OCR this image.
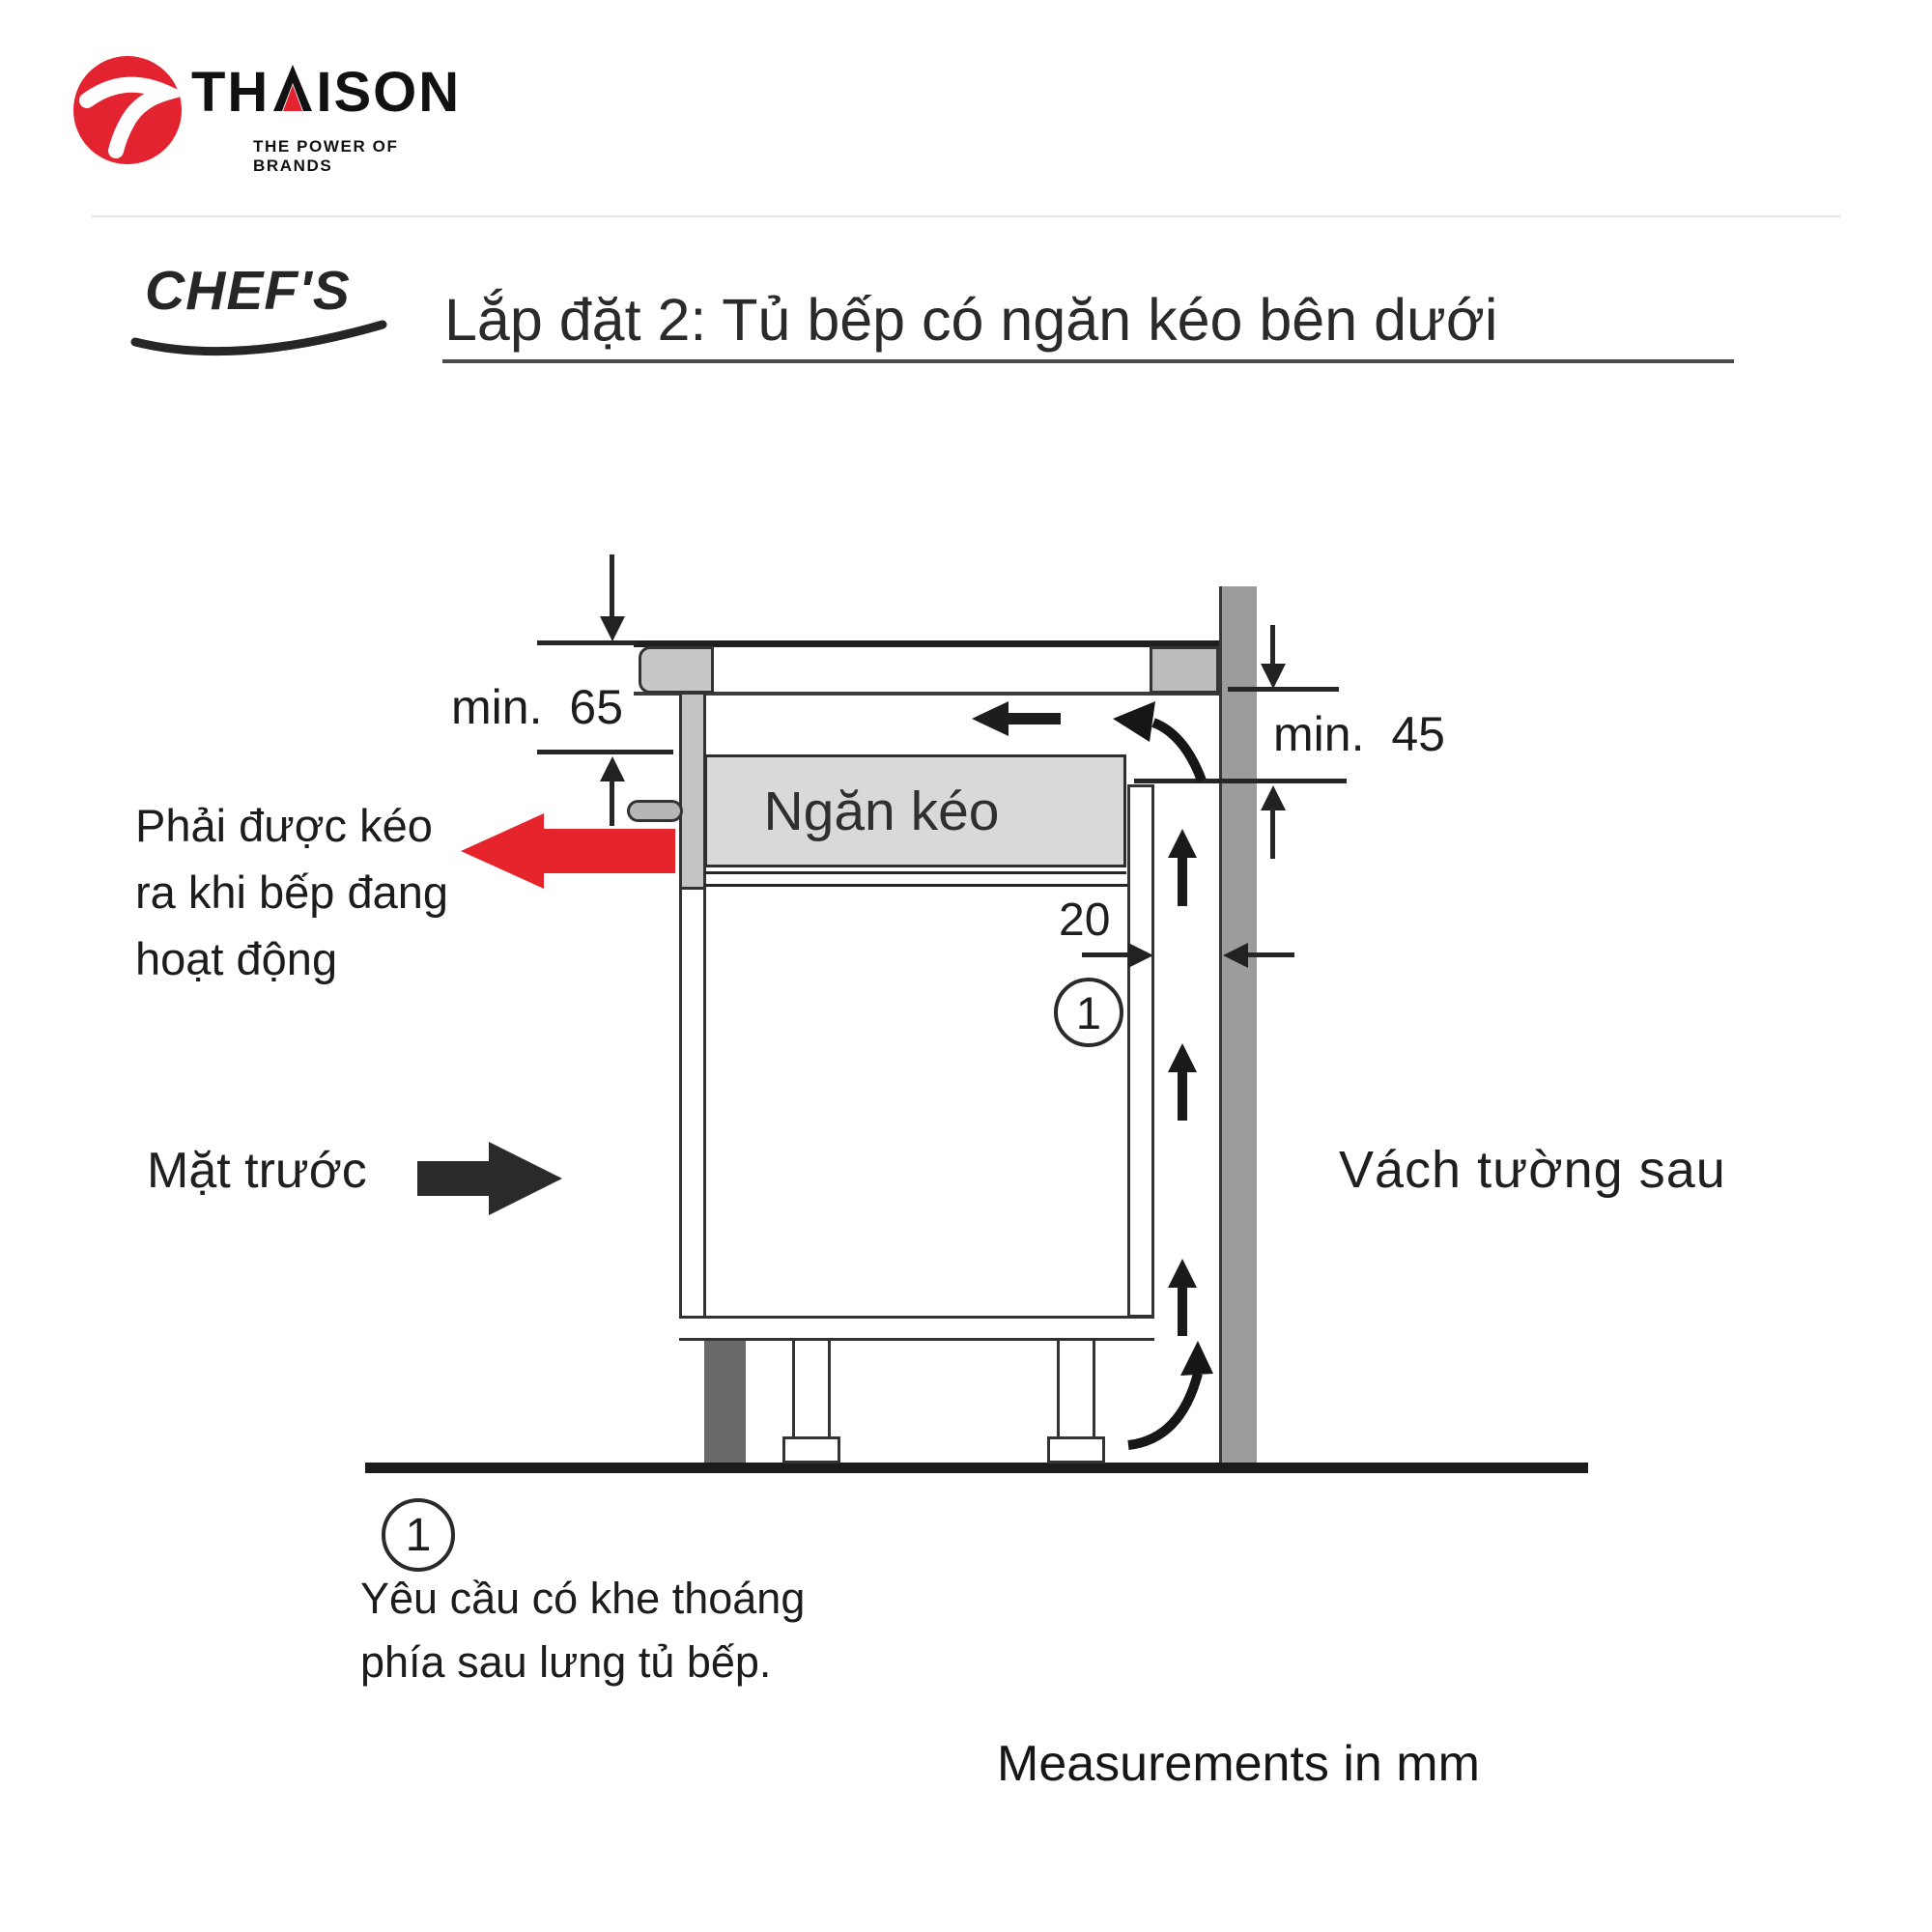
TH ISON
THE POWER OF BRANDS
CHEF'S Lắp đặt 2: Tủ bếp có ngăn kéo bên dưới
Ngăn kéo
min. 65	min. 45
20
1
Phải được kéo
ra khi bếp đang
hoạt động
Mặt trước	Vách tường sau
1
Yêu cầu có khe thoáng
phía sau lưng tủ bếp.
Measurements in mm
